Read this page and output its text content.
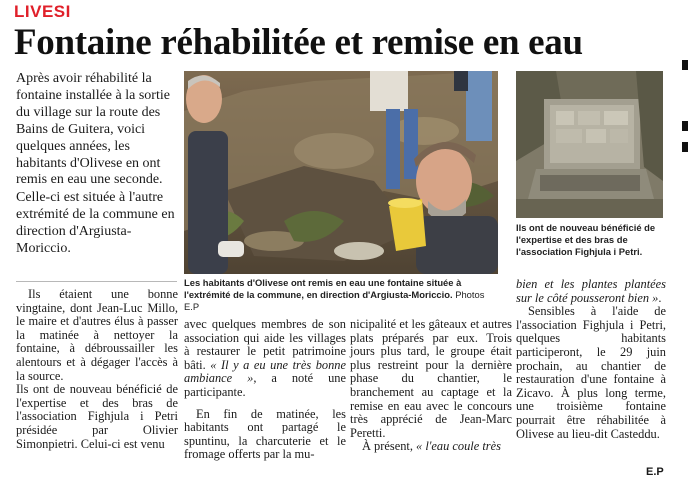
LIVESI
Fontaine réhabilitée et remise en eau

Après avoir réhabilité la fontaine installée à la sortie du village sur la route des Bains de Guitera, voici quelques années, les habitants d'Olivese en ont remis en eau une seconde.

Celle-ci est située à l'autre extrémité de la commune en direction d'Argiusta-Moriccio.

Les habitants d'Olivese ont remis en eau une fontaine située à l'extrémité de la commune, en direction d'Argiusta-Moriccio. Photos E.P
Ils ont de nouveau bénéficié de l'expertise et des bras de l'association Fighjula i Petri.

Ils étaient une bonne vingtaine, dont Jean-Luc Millo, le maire et d'autres élus à passer la matinée à nettoyer la fontaine, à débroussailler les alentours et à dégager l'accès à la source.

Ils ont de nouveau bénéficié de l'expertise et des bras de l'association Fighjula i Petri présidée par Olivier Simonpietri. Celui-ci est venu

avec quelques membres de son association qui aide les villages à restaurer le petit patrimoine bâti. « Il y a eu une très bonne ambiance », a noté une participante.

En fin de matinée, les habitants ont partagé le spuntinu, la charcuterie et le fromage offerts par la mu-

nicipalité et les gâteaux et autres plats préparés par eux. Trois jours plus tard, le groupe était plus restreint pour la dernière phase du chantier, le branchement au captage et la remise en eau avec le concours très apprécié de Jean-Marc Peretti.

À présent, « l'eau coule très

bien et les plantes plantées sur le côté pousseront bien ».

Sensibles à l'aide de l'association Fighjula i Petri, quelques habitants participeront, le 29 juin prochain, au chantier de restauration d'une fontaine à Zicavo. À plus long terme, une troisième fontaine pourrait être réhabilitée à Olivese au lieu-dit Casteddu.

E.P
